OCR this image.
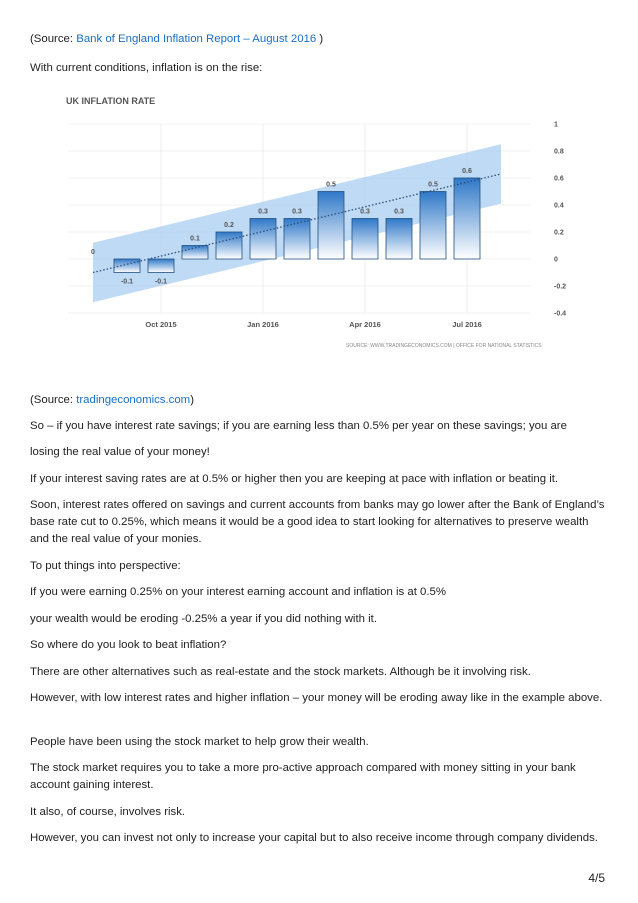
(Source: Bank of England Inflation Report – August 2016 )
With current conditions, inflation is on the rise:
UK INFLATION RATE
0
-0.1	-0.1
0.1
0.2
0.3	0.3
0.5
0.3	0.3
0.5
0.6
1
0.8
0.6
0.4
0.2
0
-0.2
-0.4
Oct 2015	Jan 2016	Apr 2016	Jul 2016
SOURCE: WWW.TRADINGECONOMICS.COM | OFFICE FOR NATIONAL STATISTICS
(Source: tradingeconomics.com)
So – if you have interest rate savings; if you are earning less than 0.5% per year on these savings; you are
losing the real value of your money!
If your interest saving rates are at 0.5% or higher then you are keeping at pace with inflation or beating it.
Soon, interest rates offered on savings and current accounts from banks may go lower after the Bank of England’s base rate cut to 0.25%, which means it would be a good idea to start looking for alternatives to preserve wealth and the real value of your monies.
To put things into perspective:
If you were earning 0.25% on your interest earning account and inflation is at 0.5%
your wealth would be eroding -0.25% a year if you did nothing with it.
So where do you look to beat inflation?
There are other alternatives such as real-estate and the stock markets. Although be it involving risk.
However, with low interest rates and higher inflation – your money will be eroding away like in the example above.
People have been using the stock market to help grow their wealth.
The stock market requires you to take a more pro-active approach compared with money sitting in your bank account gaining interest.
It also, of course, involves risk.
However, you can invest not only to increase your capital but to also receive income through company dividends.
4/5
